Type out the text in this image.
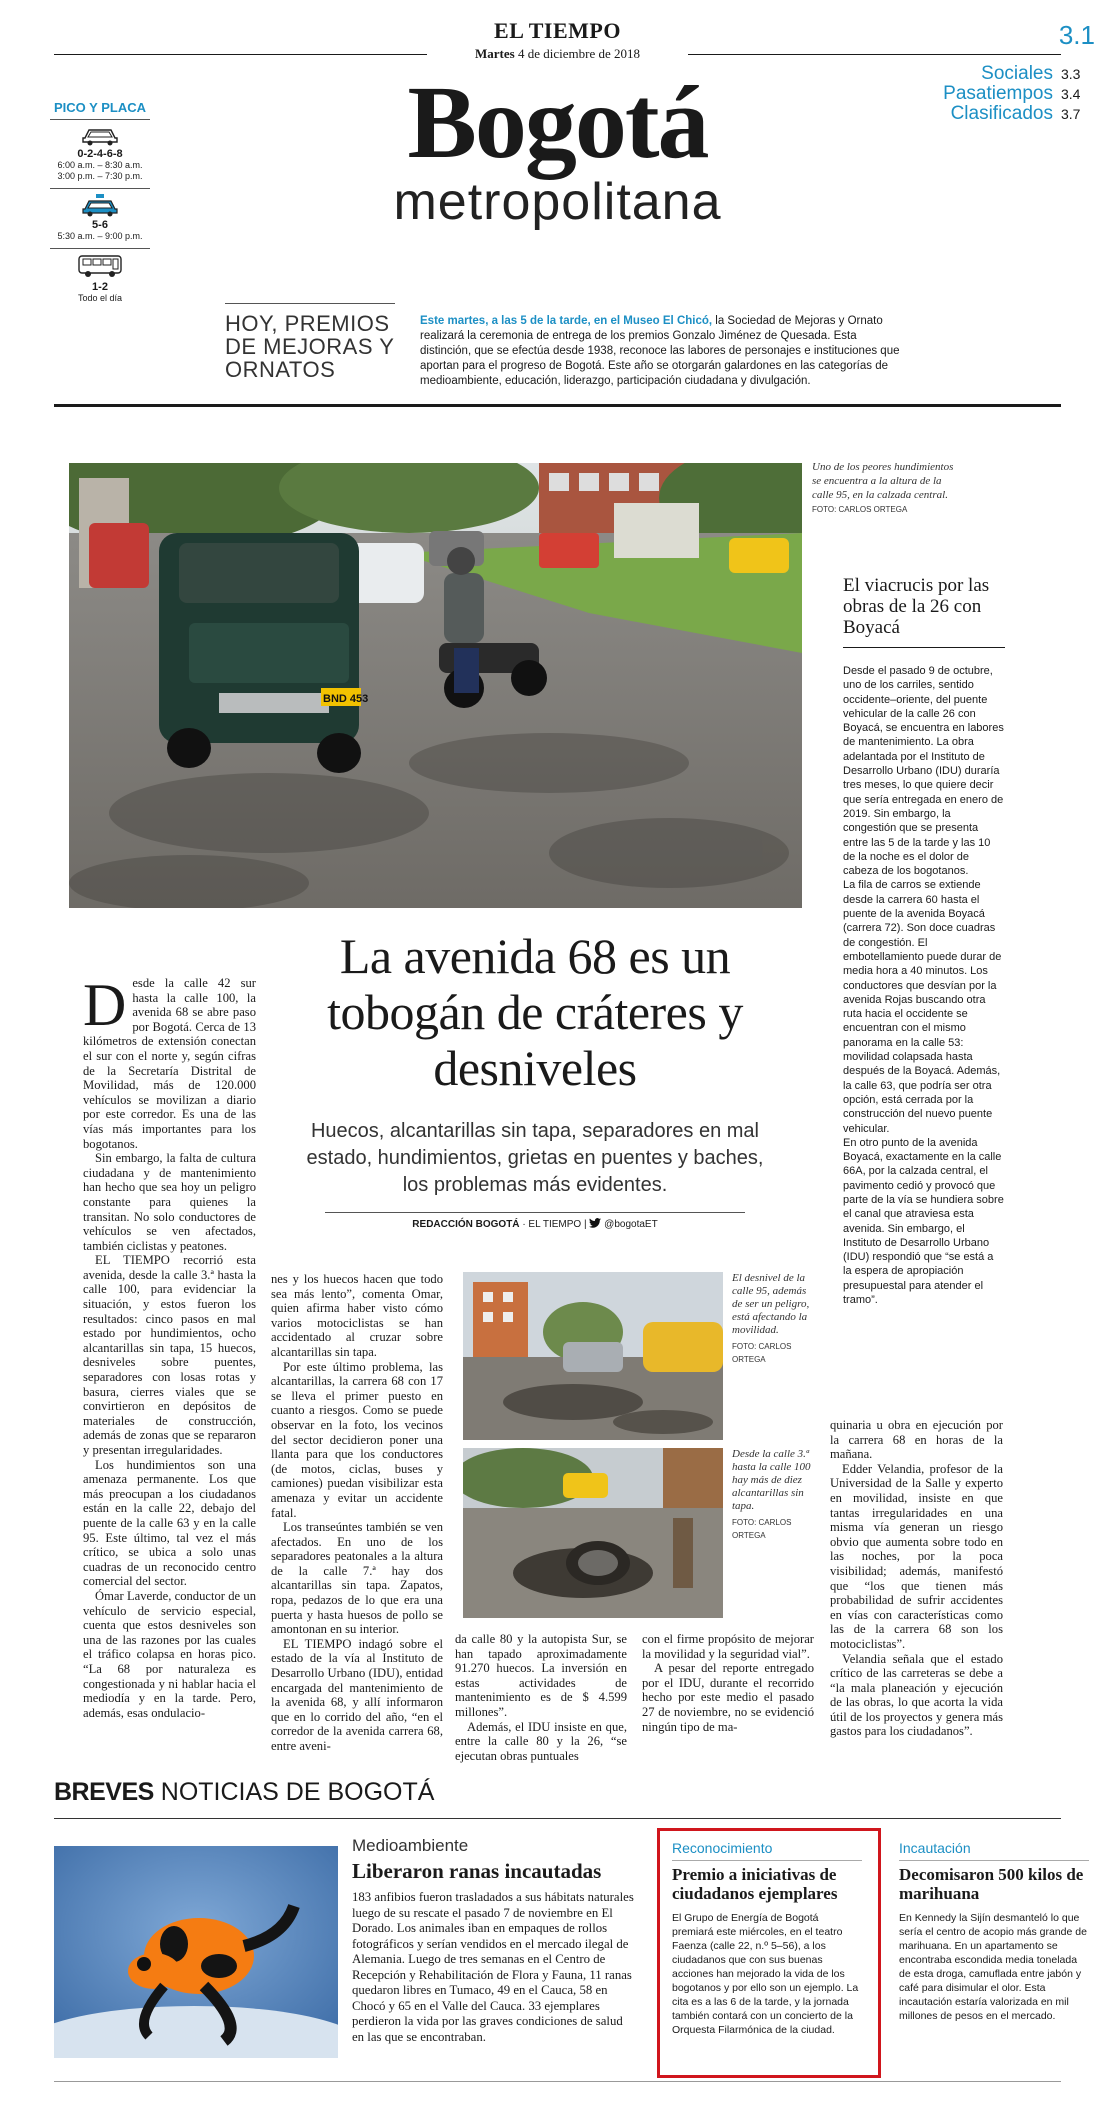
EL TIEMPO
Martes 4 de diciembre de 2018
3.1
Bogotá
metropolitana
Sociales 3.3
Pasatiempos 3.4
Clasificados 3.7
PICO Y PLACA
0-2-4-6-8
6:00 a.m. – 8:30 a.m.
3:00 p.m. – 7:30 p.m.
5-6
5:30 a.m. – 9:00 p.m.
1-2
Todo el día
HOY, PREMIOS DE MEJORAS Y ORNATOS
Este martes, a las 5 de la tarde, en el Museo El Chicó, la Sociedad de Mejoras y Ornato realizará la ceremonia de entrega de los premios Gonzalo Jiménez de Quesada. Esta distinción, que se efectúa desde 1938, reconoce las labores de personajes e instituciones que aportan para el progreso de Bogotá. Este año se otorgarán galardones en las categorías de medioambiente, educación, liderazgo, participación ciudadana y divulgación.
BND 453
Uno de los peores hundimientos se encuentra a la altura de la calle 95, en la calzada central. FOTO: CARLOS ORTEGA
El viacrucis por las obras de la 26 con Boyacá

Desde el pasado 9 de octubre, uno de los carriles, sentido occidente–oriente, del puente vehicular de la calle 26 con Boyacá, se encuentra en labores de mantenimiento. La obra adelantada por el Instituto de Desarrollo Urbano (IDU) duraría tres meses, lo que quiere decir que sería entregada en enero de 2019. Sin embargo, la congestión que se presenta entre las 5 de la tarde y las 10 de la noche es el dolor de cabeza de los bogotanos.

La fila de carros se extiende desde la carrera 60 hasta el puente de la avenida Boyacá (carrera 72). Son doce cuadras de congestión. El embotellamiento puede durar de media hora a 40 minutos. Los conductores que desvían por la avenida Rojas buscando otra ruta hacia el occidente se encuentran con el mismo panorama en la calle 53: movilidad colapsada hasta después de la Boyacá. Además, la calle 63, que podría ser otra opción, está cerrada por la construcción del nuevo puente vehicular.

En otro punto de la avenida Boyacá, exactamente en la calle 66A, por la calzada central, el pavimento cedió y provocó que parte de la vía se hundiera sobre el canal que atraviesa esta avenida. Sin embargo, el Instituto de Desarrollo Urbano (IDU) respondió que “se está a la espera de apropiación presupuestal para atender el tramo”.

La avenida 68 es un tobogán de cráteres y desniveles
Huecos, alcantarillas sin tapa, separadores en mal estado, hundimientos, grietas en puentes y baches, los problemas más evidentes.
REDACCIÓN BOGOTÁ · EL TIEMPO |  @bogotaET

Desde la calle 42 sur hasta la calle 100, la avenida 68 se abre paso por Bogotá. Cerca de 13 kilómetros de extensión conectan el sur con el norte y, según cifras de la Secretaría Distrital de Movilidad, más de 120.000 vehículos se movilizan a diario por este corredor. Es una de las vías más importantes para los bogotanos.

Sin embargo, la falta de cultura ciudadana y de mantenimiento han hecho que sea hoy un peligro constante para quienes la transitan. No solo conductores de vehículos se ven afectados, también ciclistas y peatones.

EL TIEMPO recorrió esta avenida, desde la calle 3.ª hasta la calle 100, para evidenciar la situación, y estos fueron los resultados: cinco pasos en mal estado por hundimientos, ocho alcantarillas sin tapa, 15 huecos, desniveles sobre puentes, separadores con losas rotas y basura, cierres viales que se convirtieron en depósitos de materiales de construcción, además de zonas que se repararon y presentan irregularidades.

Los hundimientos son una amenaza permanente. Los que más preocupan a los ciudadanos están en la calle 22, debajo del puente de la calle 63 y en la calle 95. Este último, tal vez el más crítico, se ubica a solo unas cuadras de un reconocido centro comercial del sector.

Ómar Laverde, conductor de un vehículo de servicio especial, cuenta que estos desniveles son una de las razones por las cuales el tráfico colapsa en horas pico. “La 68 por naturaleza es congestionada y ni hablar hacia el mediodía y en la tarde. Pero, además, esas ondulacio-

nes y los huecos hacen que todo sea más lento”, comenta Omar, quien afirma haber visto cómo varios motociclistas se han accidentado al cruzar sobre alcantarillas sin tapa.

Por este último problema, las alcantarillas, la carrera 68 con 17 se lleva el primer puesto en cuanto a riesgos. Como se puede observar en la foto, los vecinos del sector decidieron poner una llanta para que los conductores (de motos, ciclas, buses y camiones) puedan visibilizar esta amenaza y evitar un accidente fatal.

Los transeúntes también se ven afectados. En uno de los separadores peatonales a la altura de la calle 7.ª hay dos alcantarillas sin tapa. Zapatos, ropa, pedazos de lo que era una puerta y hasta huesos de pollo se amontonan en su interior.

EL TIEMPO indagó sobre el estado de la vía al Instituto de Desarrollo Urbano (IDU), entidad encargada del mantenimiento de la avenida 68, y allí informaron que en lo corrido del año, “en el corredor de la avenida carrera 68, entre aveni-

El desnivel de la calle 95, además de ser un peligro, está afectando la movilidad.
FOTO: CARLOS ORTEGA
Desde la calle 3.ª hasta la calle 100 hay más de diez alcantarillas sin tapa.
FOTO: CARLOS ORTEGA

da calle 80 y la autopista Sur, se han tapado aproximadamente 91.270 huecos. La inversión en estas actividades de mantenimiento es de $ 4.599 millones”.

Además, el IDU insiste en que, entre la calle 80 y la 26, “se ejecutan obras puntuales

con el firme propósito de mejorar la movilidad y la seguridad vial”.

A pesar del reporte entregado por el IDU, durante el recorrido hecho por este medio el pasado 27 de noviembre, no se evidenció ningún tipo de ma-

quinaria u obra en ejecución por la carrera 68 en horas de la mañana.

Edder Velandia, profesor de la Universidad de la Salle y experto en movilidad, insiste en que tantas irregularidades en una misma vía generan un riesgo obvio que aumenta sobre todo en las noches, por la poca visibilidad; además, manifestó que “los que tienen más probabilidad de sufrir accidentes en vías con características como las de la carrera 68 son los motociclistas”.

Velandia señala que el estado crítico de las carreteras se debe a “la mala planeación y ejecución de las obras, lo que acorta la vida útil de los proyectos y genera más gastos para los ciudadanos”.

BREVES NOTICIAS DE BOGOTÁ
Medioambiente
Liberaron ranas incautadas
183 anfibios fueron trasladados a sus hábitats naturales luego de su rescate el pasado 7 de noviembre en El Dorado. Los animales iban en empaques de rollos fotográficos y serían vendidos en el mercado ilegal de Alemania. Luego de tres semanas en el Centro de Recepción y Rehabilitación de Flora y Fauna, 11 ranas quedaron libres en Tumaco, 49 en el Cauca, 58 en Chocó y 65 en el Valle del Cauca. 33 ejemplares perdieron la vida por las graves condiciones de salud en las que se encontraban.
Reconocimiento
Premio a iniciativas de ciudadanos ejemplares
El Grupo de Energía de Bogotá premiará este miércoles, en el teatro Faenza (calle 22, n.º 5–56), a los ciudadanos que con sus buenas acciones han mejorado la vida de los bogotanos y por ello son un ejemplo. La cita es a las 6 de la tarde, y la jornada también contará con un concierto de la Orquesta Filarmónica de la ciudad.
Incautación
Decomisaron 500 kilos de marihuana
En Kennedy la Sijín desmanteló lo que sería el centro de acopio más grande de marihuana. En un apartamento se encontraba escondida media tonelada de esta droga, camuflada entre jabón y café para disimular el olor. Esta incautación estaría valorizada en mil millones de pesos en el mercado.
